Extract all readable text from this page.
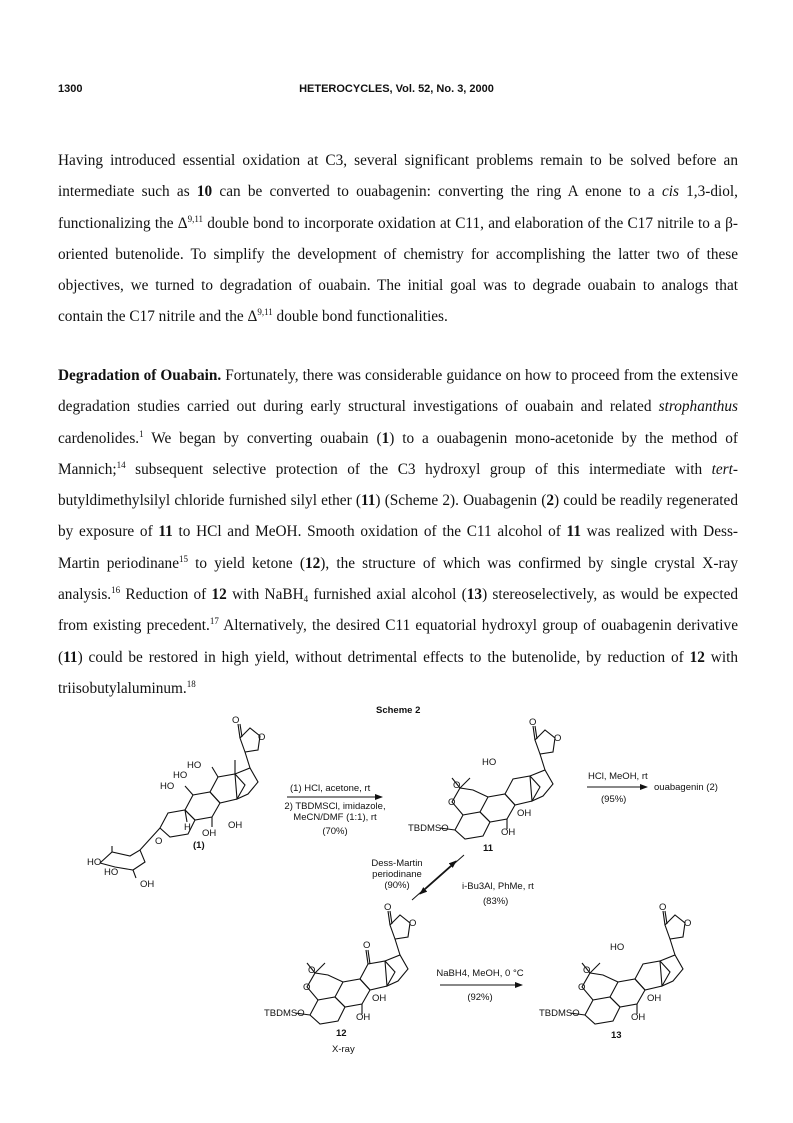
1300	HETEROCYCLES, Vol. 52, No. 3, 2000

Having introduced essential oxidation at C3, several significant problems remain to be solved before an intermediate such as 10 can be converted to ouabagenin: converting the ring A enone to a cis 1,3-diol, functionalizing the Δ$^{9,11}$ double bond to incorporate oxidation at C11, and elaboration of the C17 nitrile to a β-oriented butenolide. To simplify the development of chemistry for accomplishing the latter two of these objectives, we turned to degradation of ouabain. The initial goal was to degrade ouabain to analogs that contain the C17 nitrile and the Δ$^{9,11}$ double bond functionalities.

Degradation of Ouabain. Fortunately, there was considerable guidance on how to proceed from the extensive degradation studies carried out during early structural investigations of ouabain and related strophanthus cardenolides.$^1$ We began by converting ouabain (1) to a ouabagenin mono-acetonide by the method of Mannich;$^{14}$ subsequent selective protection of the C3 hydroxyl group of this intermediate with tert-butyldimethylsilyl chloride furnished silyl ether (11) (Scheme 2). Ouabagenin (2) could be readily regenerated by exposure of 11 to HCl and MeOH. Smooth oxidation of the C11 alcohol of 11 was realized with Dess-Martin periodinane$^{15}$ to yield ketone (12), the structure of which was confirmed by single crystal X-ray analysis.$^{16}$ Reduction of 12 with NaBH$_4$ furnished axial alcohol (13) stereoselectively, as would be expected from existing precedent.$^{17}$ Alternatively, the desired C11 equatorial hydroxyl group of ouabagenin derivative (11) could be restored in high yield, without detrimental effects to the butenolide, by reduction of 12 with triisobutylaluminum.$^{18}$

Scheme 2
O
O
HO
HO
HO
H	OH
OH
O
HO
HO
OH
(1)
O
O
HO
O
O
OH
OH
TBDMSO
11
(1) HCl, acetone, rt
2) TBDMSCl, imidazole,
MeCN/DMF (1:1), rt
(70%)
HCl, MeOH, rt
(95%)
ouabagenin (2)
Dess-Martin
periodinane
(90%)	i-Bu3Al, PhMe, rt
(83%)
O
O
O
O
O
OH
OH
TBDMSO
12
X-ray
NaBH4, MeOH, 0 °C
(92%)
O
O
HO
O
O
OH
OH
TBDMSO
13
